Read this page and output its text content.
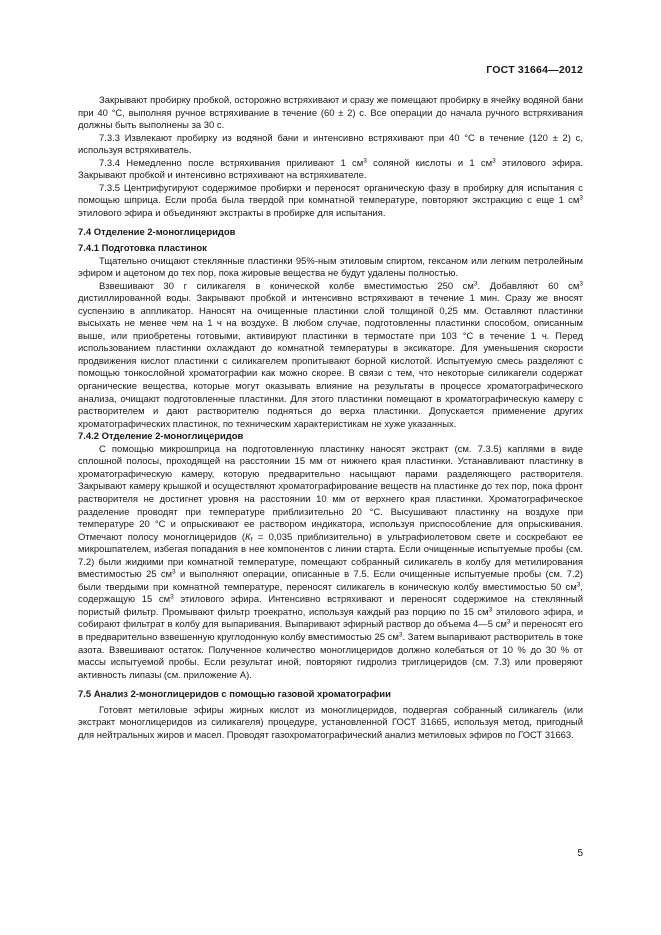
ГОСТ 31664—2012

Закрывают пробирку пробкой, осторожно встряхивают и сразу же помещают пробирку в ячейку водяной бани при 40 °С, выполняя ручное встряхивание в течение (60 ± 2) с. Все операции до начала ручного встряхивания должны быть выполнены за 30 с.

7.3.3 Извлекают пробирку из водяной бани и интенсивно встряхивают при 40 °С в течение (120 ± 2) с, используя встряхиватель.

7.3.4 Немедленно после встряхивания приливают 1 $см^3$ соляной кислоты и 1 $см^3$ этилового эфира. Закрывают пробкой и интенсивно встряхивают на встряхивателе.

7.3.5 Центрифугируют содержимое пробирки и переносят органическую фазу в пробирку для испытания с помощью шприца. Если проба была твердой при комнатной температуре, повторяют экстракцию с еще 1 $см^3$ этилового эфира и объединяют экстракты в пробирке для испытания.

7.4 Отделение 2-моноглицеридов

7.4.1 Подготовка пластинок

Тщательно очищают стеклянные пластинки 95%-ным этиловым спиртом, гексаном или легким петролейным эфиром и ацетоном до тех пор, пока жировые вещества не будут удалены полностью.

Взвешивают 30 г силикагеля в конической колбе вместимостью 250 $см^3$. Добавляют 60 $см^3$ дистиллированной воды. Закрывают пробкой и интенсивно встряхивают в течение 1 мин. Сразу же вносят суспензию в аппликатор. Наносят на очищенные пластинки слой толщиной 0,25 мм. Оставляют пластинки высыхать не менее чем на 1 ч на воздухе. В любом случае, подготовленны пластинки способом, описанным выше, или приобретены готовыми, активируют пластинки в термостате при 103 °С в течение 1 ч. Перед использованием пластинки охлаждают до комнатной температуры в эксикаторе. Для уменьшения скорости продвижения кислот пластинки с силикагелем пропитывают борной кислотой. Испытуемую смесь разделяют с помощью тонкослойной хроматографии как можно скорее. В связи с тем, что некоторые силикагели содержат органические вещества, которые могут оказывать влияние на результаты в процессе хроматографического анализа, очищают подготовленные пластинки. Для этого пластинки помещают в хроматографическую камеру с растворителем и дают растворителю подняться до верха пластинки. Допускается применение других хроматографических пластинок, по техническим характеристикам не хуже указанных.

7.4.2 Отделение 2-моноглицеридов

С помощью микрошприца на подготовленную пластинку наносят экстракт (см. 7.3.5) каплями в виде сплошной полосы, проходящей на расстоянии 15 мм от нижнего края пластинки. Устанавливают пластинку в хроматографическую камеру, которую предварительно насыщают парами разделяющего растворителя. Закрывают камеру крышкой и осуществляют хроматографирование веществ на пластинке до тех пор, пока фронт растворителя не достигнет уровня на расстоянии 10 мм от верхнего края пластинки. Хроматографическое разделение проводят при температуре приблизительно 20 °С. Высушивают пластинку на воздухе при температуре 20 °С и опрыскивают ее раствором индикатора, используя приспособление для опрыскивания. Отмечают полосу моноглицеридов ($К_f = 0,035$ приблизительно) в ультрафиолетовом свете и соскребают ее микрошпателем, избегая попадания в нее компонентов с линии старта. Если очищенные испытуемые пробы (см. 7.2) были жидкими при комнатной температуре, помещают собранный силикагель в колбу для метилирования вместимостью 25 $см^3$ и выполняют операции, описанные в 7.5. Если очищенные испытуемые пробы (см. 7.2) были твердыми при комнатной температуре, переносят силикагель в коническую колбу вместимостью 50 $см^3$, содержащую 15 $см^3$ этилового эфира. Интенсивно встряхивают и переносят содержимое на стеклянный пористый фильтр. Промывают фильтр троекратно, используя каждый раз порцию по 15 $см^3$ этилового эфира, и собирают фильтрат в колбу для выпаривания. Выпаривают эфирный раствор до объема 4—5 $см^3$ и переносят его в предварительно взвешенную круглодонную колбу вместимостью 25 $см^3$. Затем выпаривают растворитель в токе азота. Взвешивают остаток. Полученное количество моноглицеридов должно колебаться от 10 % до 30 % от массы испытуемой пробы. Если результат иной, повторяют гидролиз триглицеридов (см. 7.3) или проверяют активность липазы (см. приложение А).

7.5 Анализ 2-моноглицеридов с помощью газовой хроматографии

Готовят метиловые эфиры жирных кислот из моноглицеридов, подвергая собранный силикагель (или экстракт моноглицеридов из силикагеля) процедуре, установленной ГОСТ 31665, используя метод, пригодный для нейтральных жиров и масел. Проводят газохроматографический анализ метиловых эфиров по ГОСТ 31663.

5
